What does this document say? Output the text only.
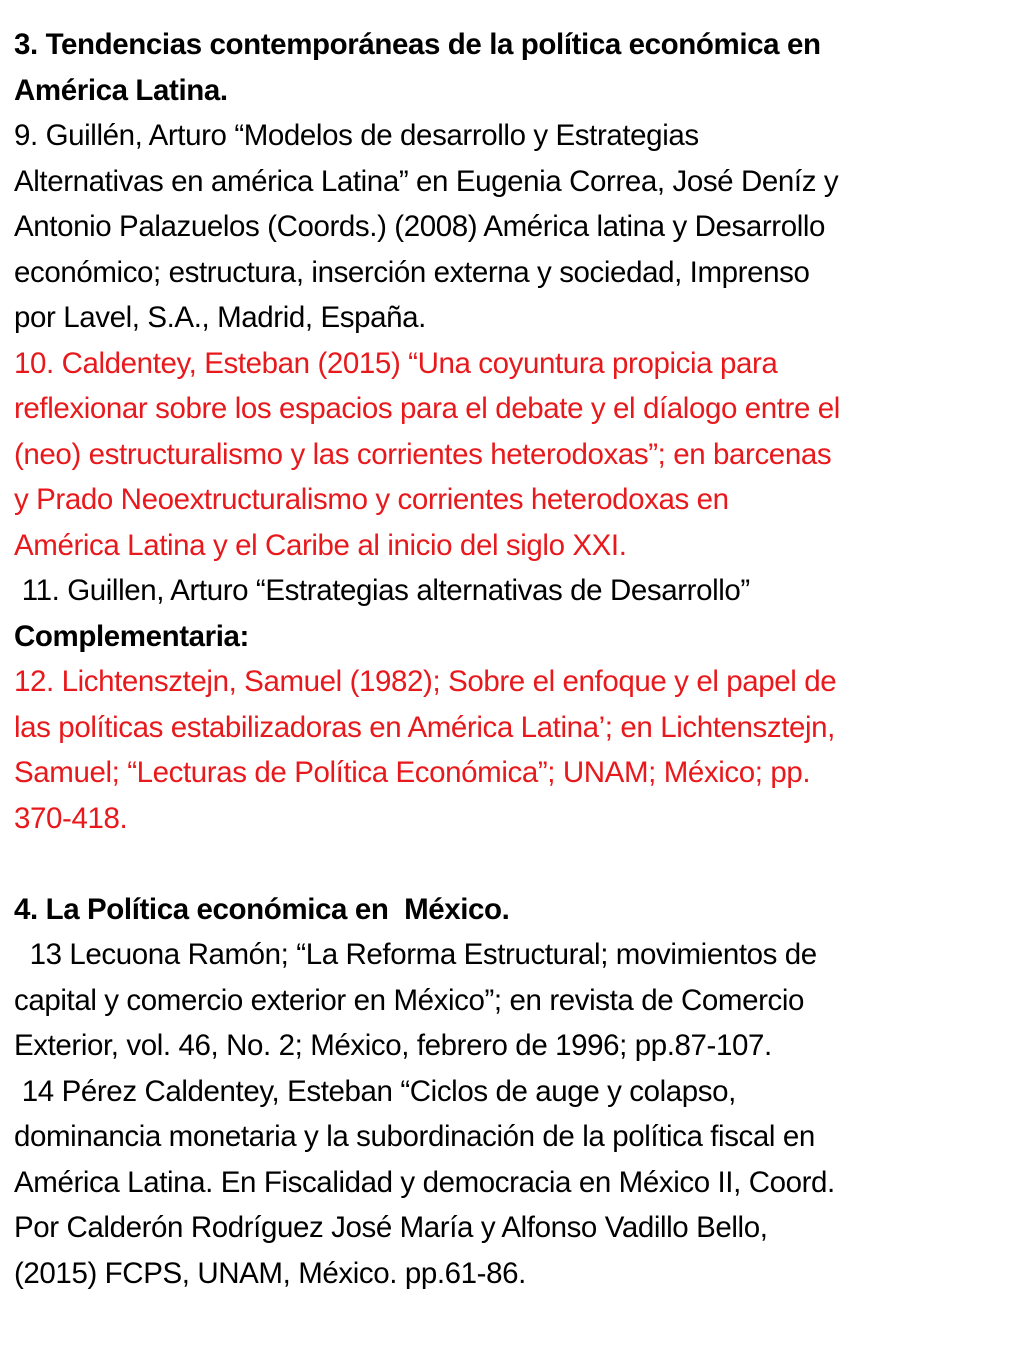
3. Tendencias contemporáneas de la política económica en
América Latina.
9. Guillén, Arturo “Modelos de desarrollo y Estrategias
Alternativas en américa Latina” en Eugenia Correa, José Deníz y
Antonio Palazuelos (Coords.) (2008) América latina y Desarrollo
económico; estructura, inserción externa y sociedad, Imprenso
por Lavel, S.A., Madrid, España.
10. Caldentey, Esteban (2015) “Una coyuntura propicia para
reflexionar sobre los espacios para el debate y el díalogo entre el
(neo) estructuralismo y las corrientes heterodoxas”; en barcenas
y Prado Neoextructuralismo y corrientes heterodoxas en
América Latina y el Caribe al inicio del siglo XXI.
11. Guillen, Arturo “Estrategias alternativas de Desarrollo”
Complementaria:
12. Lichtensztejn, Samuel (1982); Sobre el enfoque y el papel de
las políticas estabilizadoras en América Latina’; en Lichtensztejn,
Samuel; “Lecturas de Política Económica”; UNAM; México; pp.
370-418.
4. La Política económica en  México.
13 Lecuona Ramón; “La Reforma Estructural; movimientos de
capital y comercio exterior en México”; en revista de Comercio
Exterior, vol. 46, No. 2; México, febrero de 1996; pp.87-107.
14 Pérez Caldentey, Esteban “Ciclos de auge y colapso,
dominancia monetaria y la subordinación de la política fiscal en
América Latina. En Fiscalidad y democracia en México II, Coord.
Por Calderón Rodríguez José María y Alfonso Vadillo Bello,
(2015) FCPS, UNAM, México. pp.61-86.
